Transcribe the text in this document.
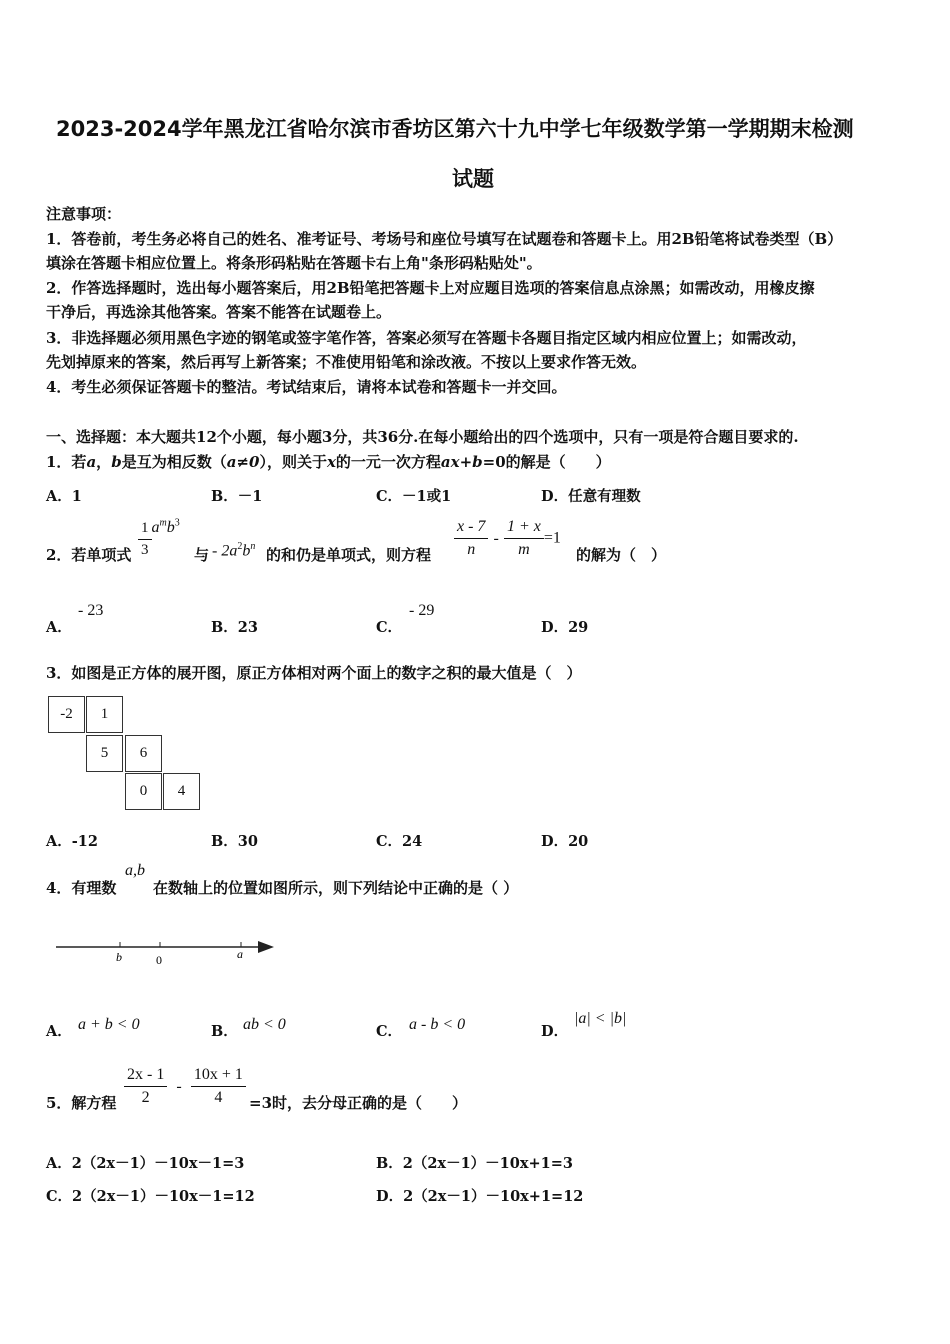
2023-2024学年黑龙江省哈尔滨市香坊区第六十九中学七年级数学第一学期期末检测
试题
注意事项：
1．答卷前，考生务必将自己的姓名、准考证号、考场号和座位号填写在试题卷和答题卡上。用2B铅笔将试卷类型（B）
填涂在答题卡相应位置上。将条形码粘贴在答题卡右上角"条形码粘贴处"。
2．作答选择题时，选出每小题答案后，用2B铅笔把答题卡上对应题目选项的答案信息点涂黑；如需改动，用橡皮擦
干净后，再选涂其他答案。答案不能答在试题卷上。
3．非选择题必须用黑色字迹的钢笔或签字笔作答，答案必须写在答题卡各题目指定区域内相应位置上；如需改动，
先划掉原来的答案，然后再写上新答案；不准使用铅笔和涂改液。不按以上要求作答无效。
4．考生必须保证答题卡的整洁。考试结束后，请将本试卷和答题卡一并交回。
一、选择题：本大题共12个小题，每小题3分，共36分.在每小题给出的四个选项中，只有一项是符合题目要求的.
1．若a，b是互为相反数（a≠0），则关于x的一元一次方程ax+b=0的解是（　　）
A．1	B．－1	C．－1或1	D．任意有理数
2．若单项式 $\frac{1}{3} a^mb^3$
与 - $2a^2b^n$ 的和仍是单项式，则方程 $\frac{x - 7}{n} - \frac{1 + x}{m} =1$
的解为（　）
A．
- 23
B．23	C．
- 29
D．29
3．如图是正方体的展开图，原正方体相对两个面上的数字之积的最大值是（　）
-2	1
5	6
0	4
A．-12	B．30	C．24	D．20
4．有理数
a,b
在数轴上的位置如图所示，则下列结论中正确的是（ ）
b	0	a
A． a + b < 0	B． ab < 0	C． a - b < 0	D．
|a| < |b|
5．解方程 $\frac{2x - 1}{2} - \frac{10x + 1}{4} =3$时，去分母正确的是（　　）
A．2（2x－1）－10x－1=3	B．2（2x－1）－10x+1=3
C．2（2x－1）－10x－1=12	D．2（2x－1）－10x+1=12
